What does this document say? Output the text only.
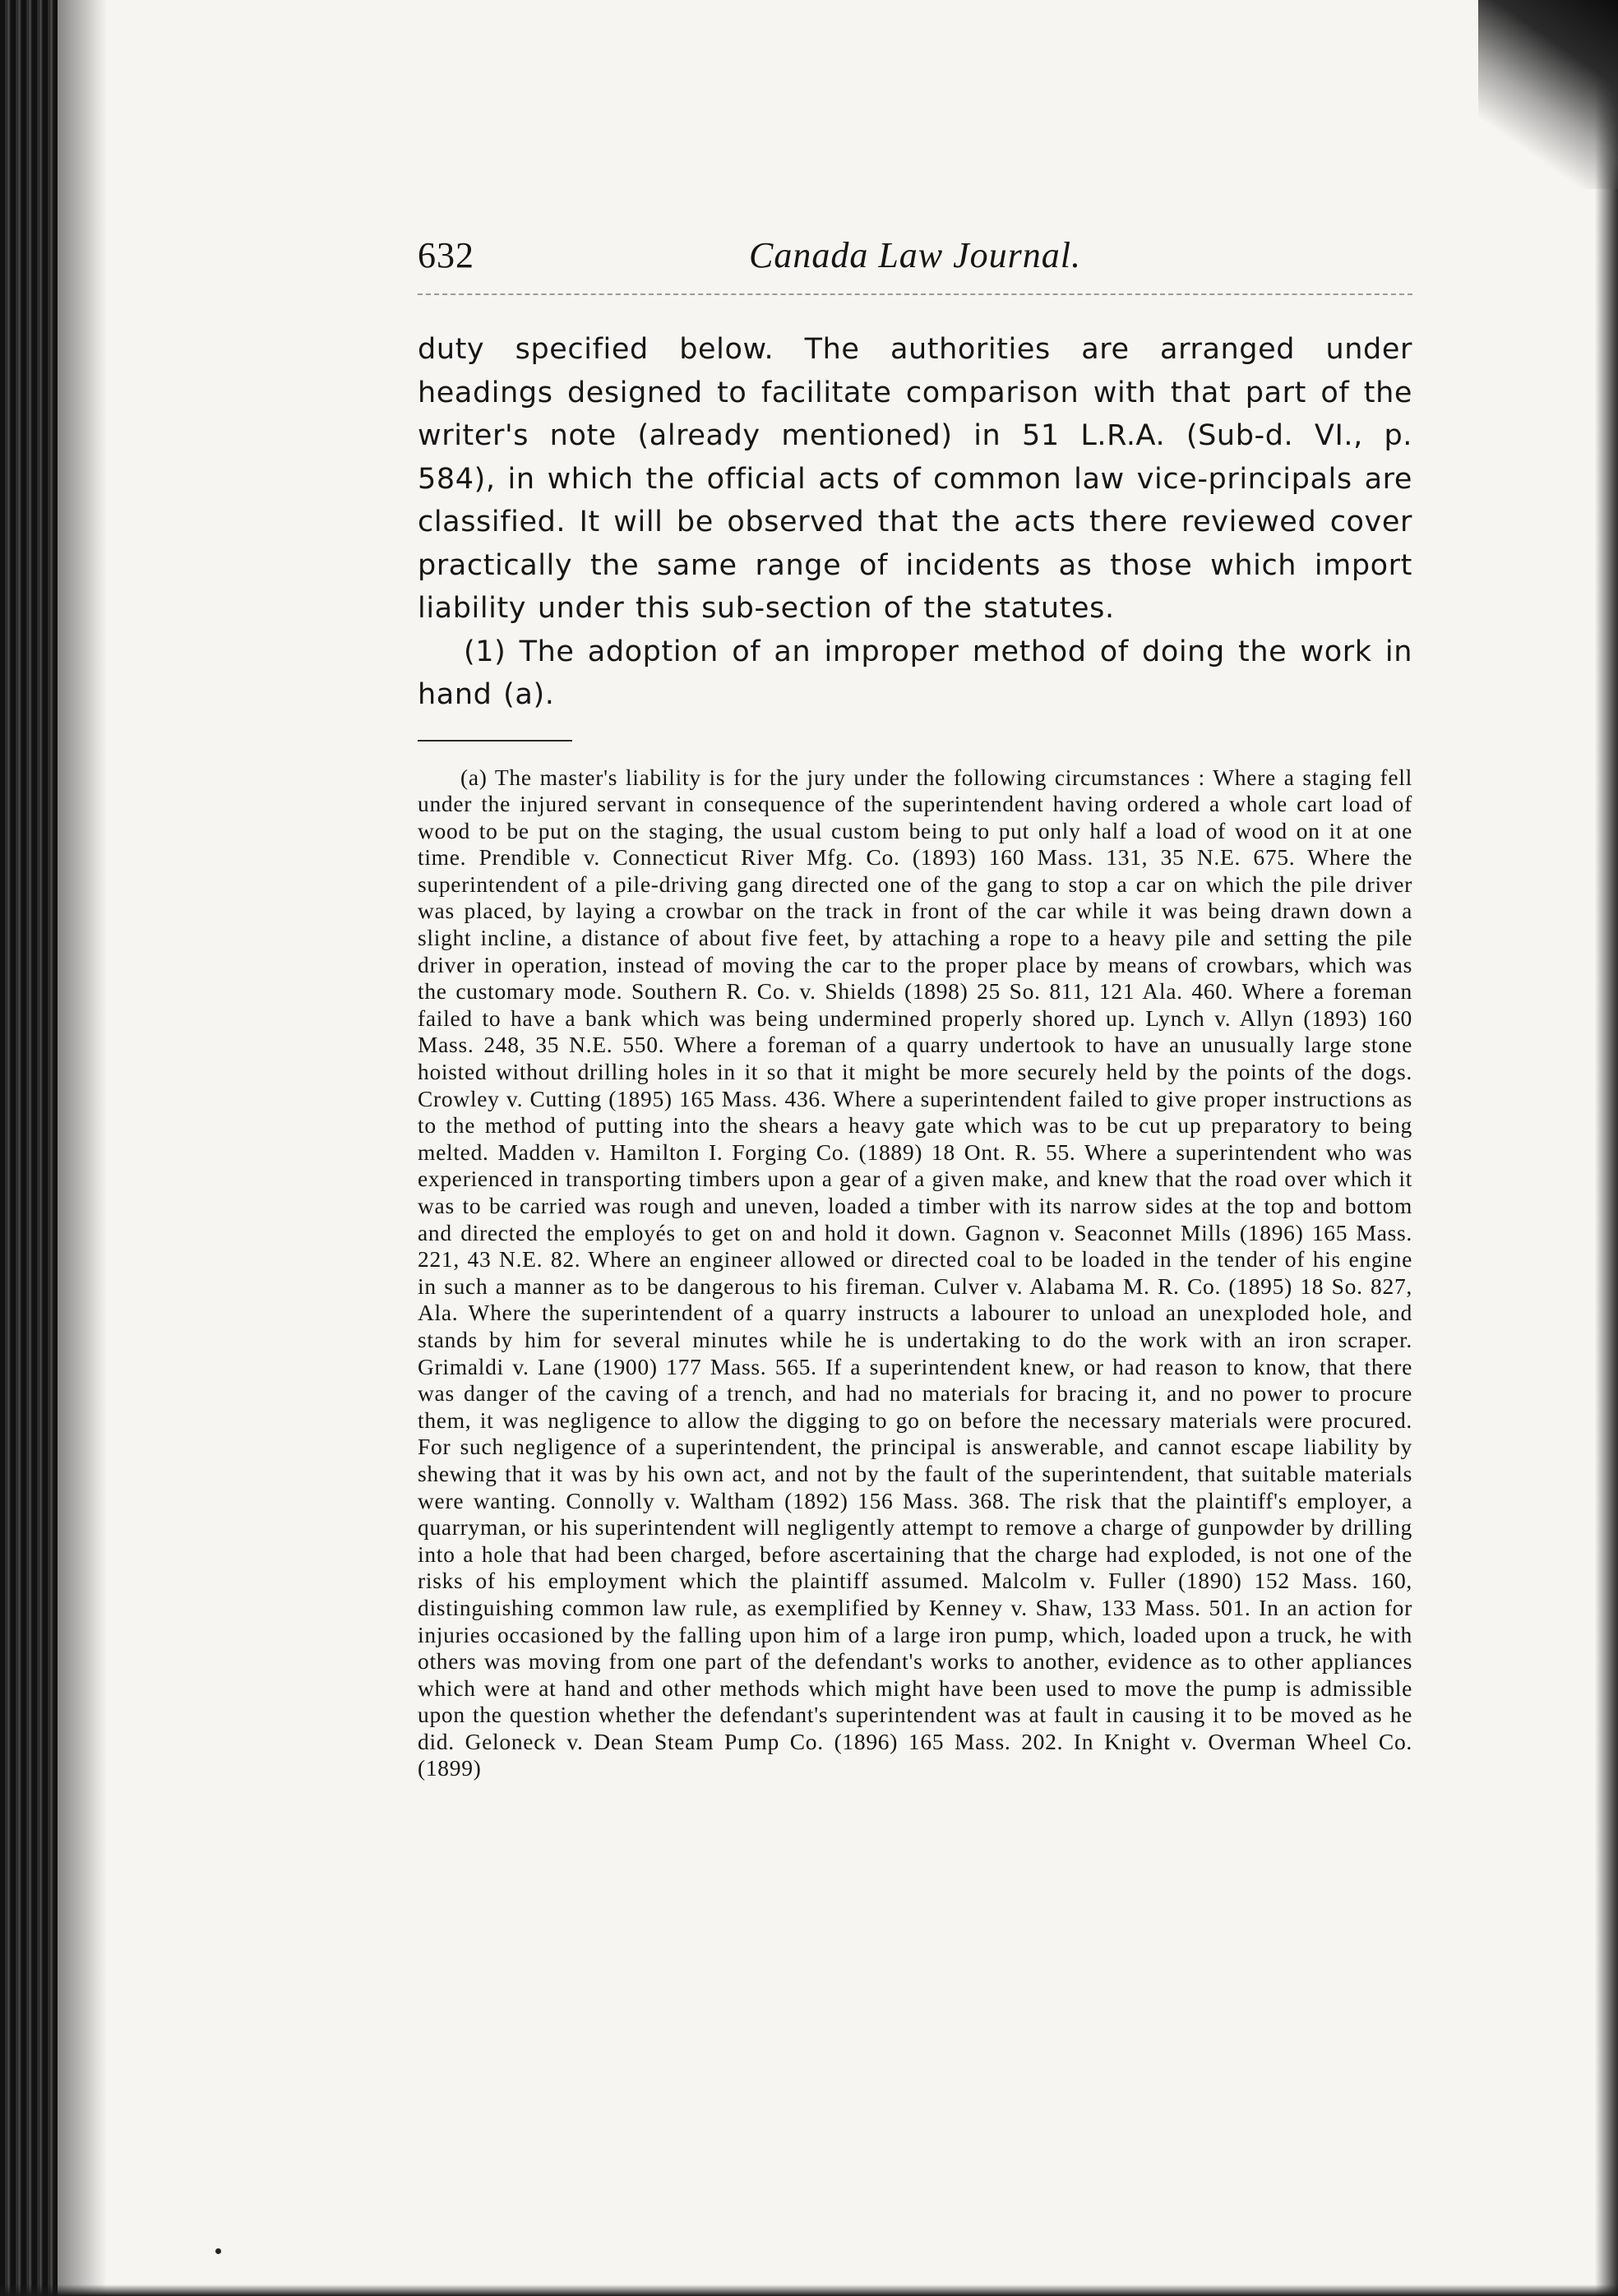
632	Canada Law Journal.

duty specified below. The authorities are arranged under headings designed to facilitate comparison with that part of the writer's note (already mentioned) in 51 L.R.A. (Sub-d. VI., p. 584), in which the official acts of common law vice-principals are classified. It will be observed that the acts there reviewed cover practically the same range of incidents as those which import liability under this sub-section of the statutes.

(1) The adoption of an improper method of doing the work in hand (a).

(a) The master's liability is for the jury under the following circumstances : Where a staging fell under the injured servant in consequence of the superintendent having ordered a whole cart load of wood to be put on the staging, the usual custom being to put only half a load of wood on it at one time. Prendible v. Connecticut River Mfg. Co. (1893) 160 Mass. 131, 35 N.E. 675. Where the superintendent of a pile-driving gang directed one of the gang to stop a car on which the pile driver was placed, by laying a crowbar on the track in front of the car while it was being drawn down a slight incline, a distance of about five feet, by attaching a rope to a heavy pile and setting the pile driver in operation, instead of moving the car to the proper place by means of crowbars, which was the customary mode. Southern R. Co. v. Shields (1898) 25 So. 811, 121 Ala. 460. Where a foreman failed to have a bank which was being undermined properly shored up. Lynch v. Allyn (1893) 160 Mass. 248, 35 N.E. 550. Where a foreman of a quarry undertook to have an unusually large stone hoisted without drilling holes in it so that it might be more securely held by the points of the dogs. Crowley v. Cutting (1895) 165 Mass. 436. Where a superintendent failed to give proper instructions as to the method of putting into the shears a heavy gate which was to be cut up preparatory to being melted. Madden v. Hamilton I. Forging Co. (1889) 18 Ont. R. 55. Where a superintendent who was experienced in transporting timbers upon a gear of a given make, and knew that the road over which it was to be carried was rough and uneven, loaded a timber with its narrow sides at the top and bottom and directed the employés to get on and hold it down. Gagnon v. Seaconnet Mills (1896) 165 Mass. 221, 43 N.E. 82. Where an engineer allowed or directed coal to be loaded in the tender of his engine in such a manner as to be dangerous to his fireman. Culver v. Alabama M. R. Co. (1895) 18 So. 827, Ala. Where the superintendent of a quarry instructs a labourer to unload an unexploded hole, and stands by him for several minutes while he is undertaking to do the work with an iron scraper. Grimaldi v. Lane (1900) 177 Mass. 565. If a superintendent knew, or had reason to know, that there was danger of the caving of a trench, and had no materials for bracing it, and no power to procure them, it was negligence to allow the digging to go on before the necessary materials were procured. For such negligence of a superintendent, the principal is answerable, and cannot escape liability by shewing that it was by his own act, and not by the fault of the superintendent, that suitable materials were wanting. Connolly v. Waltham (1892) 156 Mass. 368. The risk that the plaintiff's employer, a quarryman, or his superintendent will negligently attempt to remove a charge of gunpowder by drilling into a hole that had been charged, before ascertaining that the charge had exploded, is not one of the risks of his employment which the plaintiff assumed. Malcolm v. Fuller (1890) 152 Mass. 160, distinguishing common law rule, as exemplified by Kenney v. Shaw, 133 Mass. 501. In an action for injuries occasioned by the falling upon him of a large iron pump, which, loaded upon a truck, he with others was moving from one part of the defendant's works to another, evidence as to other appliances which were at hand and other methods which might have been used to move the pump is admissible upon the question whether the defendant's superintendent was at fault in causing it to be moved as he did. Geloneck v. Dean Steam Pump Co. (1896) 165 Mass. 202. In Knight v. Overman Wheel Co. (1899)
